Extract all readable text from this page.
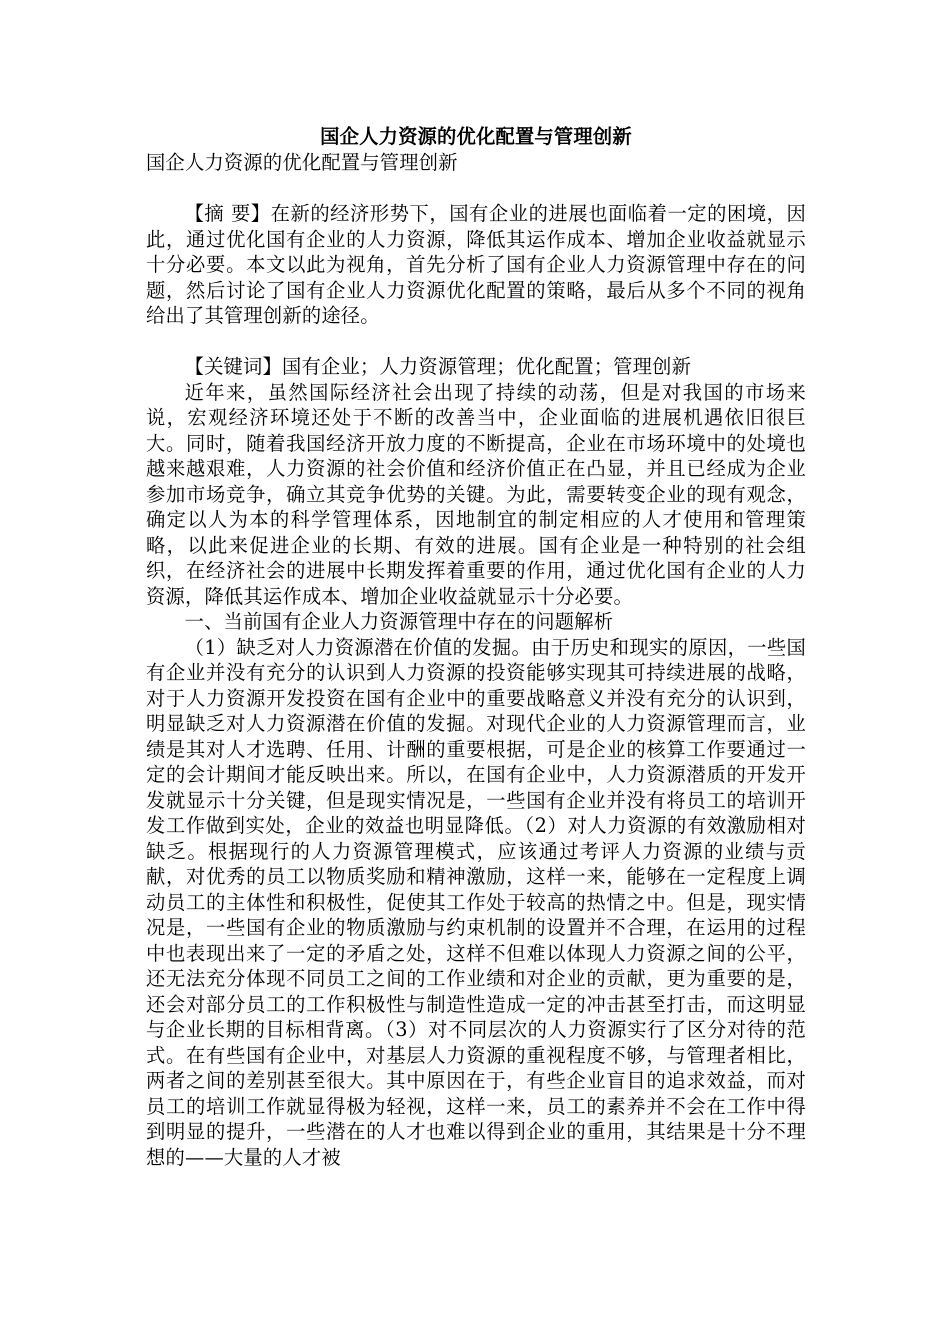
国企人力资源的优化配置与管理创新

国企人力资源的优化配置与管理创新

【摘 要】在新的经济形势下，国有企业的进展也面临着一定的困境，因此，通过优化国有企业的人力资源，降低其运作成本、增加企业收益就显示十分必要。本文以此为视角，首先分析了国有企业人力资源管理中存在的问题，然后讨论了国有企业人力资源优化配置的策略，最后从多个不同的视角给出了其管理创新的途径。

【关键词】国有企业；人力资源管理；优化配置；管理创新

近年来，虽然国际经济社会出现了持续的动荡，但是对我国的市场来说，宏观经济环境还处于不断的改善当中，企业面临的进展机遇依旧很巨大。同时，随着我国经济开放力度的不断提高，企业在市场环境中的处境也越来越艰难，人力资源的社会价值和经济价值正在凸显，并且已经成为企业参加市场竞争，确立其竞争优势的关键。为此，需要转变企业的现有观念，确定以人为本的科学管理体系，因地制宜的制定相应的人才使用和管理策略，以此来促进企业的长期、有效的进展。国有企业是一种特别的社会组织，在经济社会的进展中长期发挥着重要的作用，通过优化国有企业的人力资源，降低其运作成本、增加企业收益就显示十分必要。

一、当前国有企业人力资源管理中存在的问题解析

（1）缺乏对人力资源潜在价值的发掘。由于历史和现实的原因，一些国有企业并没有充分的认识到人力资源的投资能够实现其可持续进展的战略，对于人力资源开发投资在国有企业中的重要战略意义并没有充分的认识到，明显缺乏对人力资源潜在价值的发掘。对现代企业的人力资源管理而言，业绩是其对人才选聘、任用、计酬的重要根据，可是企业的核算工作要通过一定的会计期间才能反映出来。所以，在国有企业中，人力资源潜质的开发开发就显示十分关键，但是现实情况是，一些国有企业并没有将员工的培训开发工作做到实处，企业的效益也明显降低。（2）对人力资源的有效激励相对缺乏。根据现行的人力资源管理模式，应该通过考评人力资源的业绩与贡献，对优秀的员工以物质奖励和精神激励，这样一来，能够在一定程度上调动员工的主体性和积极性，促使其工作处于较高的热情之中。但是，现实情况是，一些国有企业的物质激励与约束机制的设置并不合理，在运用的过程中也表现出来了一定的矛盾之处，这样不但难以体现人力资源之间的公平，还无法充分体现不同员工之间的工作业绩和对企业的贡献，更为重要的是，还会对部分员工的工作积极性与制造性造成一定的冲击甚至打击，而这明显与企业长期的目标相背离。（3）对不同层次的人力资源实行了区分对待的范式。在有些国有企业中，对基层人力资源的重视程度不够，与管理者相比，两者之间的差别甚至很大。其中原因在于，有些企业盲目的追求效益，而对员工的培训工作就显得极为轻视，这样一来，员工的素养并不会在工作中得到明显的提升，一些潜在的人才也难以得到企业的重用，其结果是十分不理想的——大量的人才被
